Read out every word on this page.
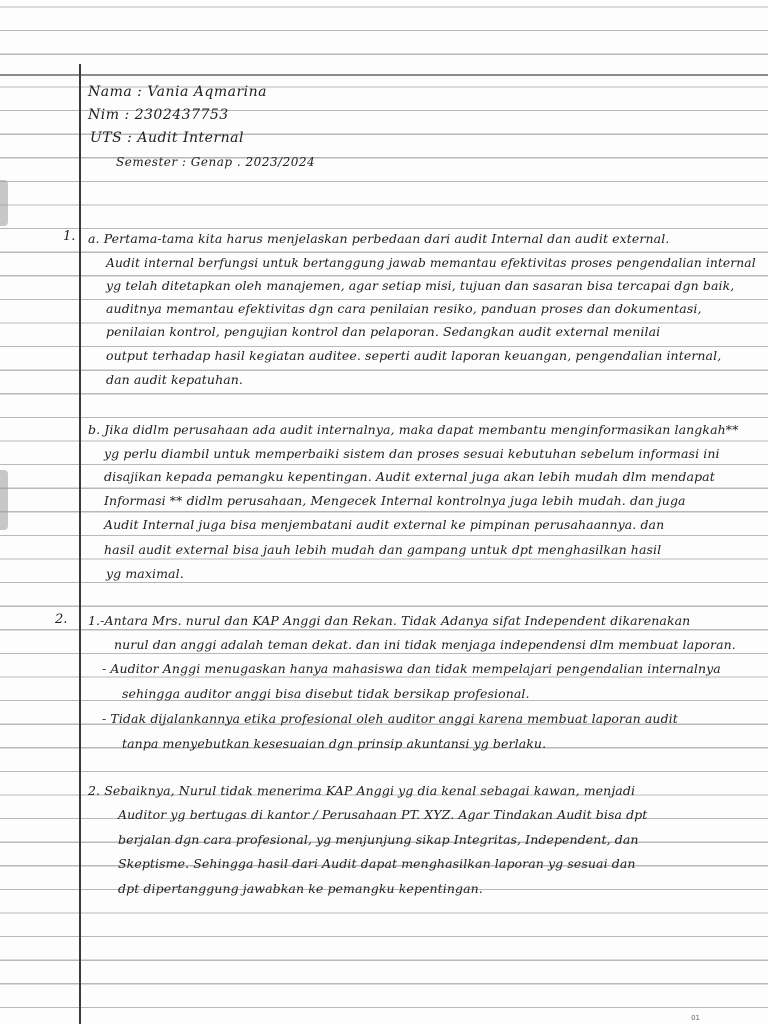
Nama : Vania Aqmarina
Nim : 2302437753
UTS : Audit Internal
Semester : Genap . 2023/2024
1. a. Pertama-tama kita harus menjelaskan perbedaan dari audit Internal dan audit external.
Audit internal berfungsi untuk bertanggung jawab memantau efektivitas proses pengendalian internal
yg telah ditetapkan oleh manajemen, agar setiap misi, tujuan dan sasaran bisa tercapai dgn baik,
auditnya memantau efektivitas dgn cara penilaian resiko, panduan proses dan dokumentasi,
penilaian kontrol, pengujian kontrol dan pelaporan. Sedangkan audit external menilai
output terhadap hasil kegiatan auditee. seperti audit laporan keuangan, pengendalian internal,
dan audit kepatuhan.
b. Jika didlm perusahaan ada audit internalnya, maka dapat membantu menginformasikan langkah**
yg perlu diambil untuk memperbaiki sistem dan proses sesuai kebutuhan sebelum informasi ini
disajikan kepada pemangku kepentingan. Audit external juga akan lebih mudah dlm mendapat
Informasi ** didlm perusahaan, Mengecek Internal kontrolnya juga lebih mudah. dan juga
Audit Internal juga bisa menjembatani audit external ke pimpinan perusahaannya. dan
hasil audit external bisa jauh lebih mudah dan gampang untuk dpt menghasilkan hasil
yg maximal.
2. 1.-Antara Mrs. nurul dan KAP Anggi dan Rekan. Tidak Adanya sifat Independent dikarenakan
nurul dan anggi adalah teman dekat. dan ini tidak menjaga independensi dlm membuat laporan.
- Auditor Anggi menugaskan hanya mahasiswa dan tidak mempelajari pengendalian internalnya
sehingga auditor anggi bisa disebut tidak bersikap profesional.
- Tidak dijalankannya etika profesional oleh auditor anggi karena membuat laporan audit
tanpa menyebutkan kesesuaian dgn prinsip akuntansi yg berlaku.
2. Sebaiknya, Nurul tidak menerima KAP Anggi yg dia kenal sebagai kawan, menjadi
Auditor yg bertugas di kantor / Perusahaan PT. XYZ. Agar Tindakan Audit bisa dpt
berjalan dgn cara profesional, yg menjunjung sikap Integritas, Independent, dan
Skeptisme. Sehingga hasil dari Audit dapat menghasilkan laporan yg sesuai dan
dpt dipertanggung jawabkan ke pemangku kepentingan.
01
